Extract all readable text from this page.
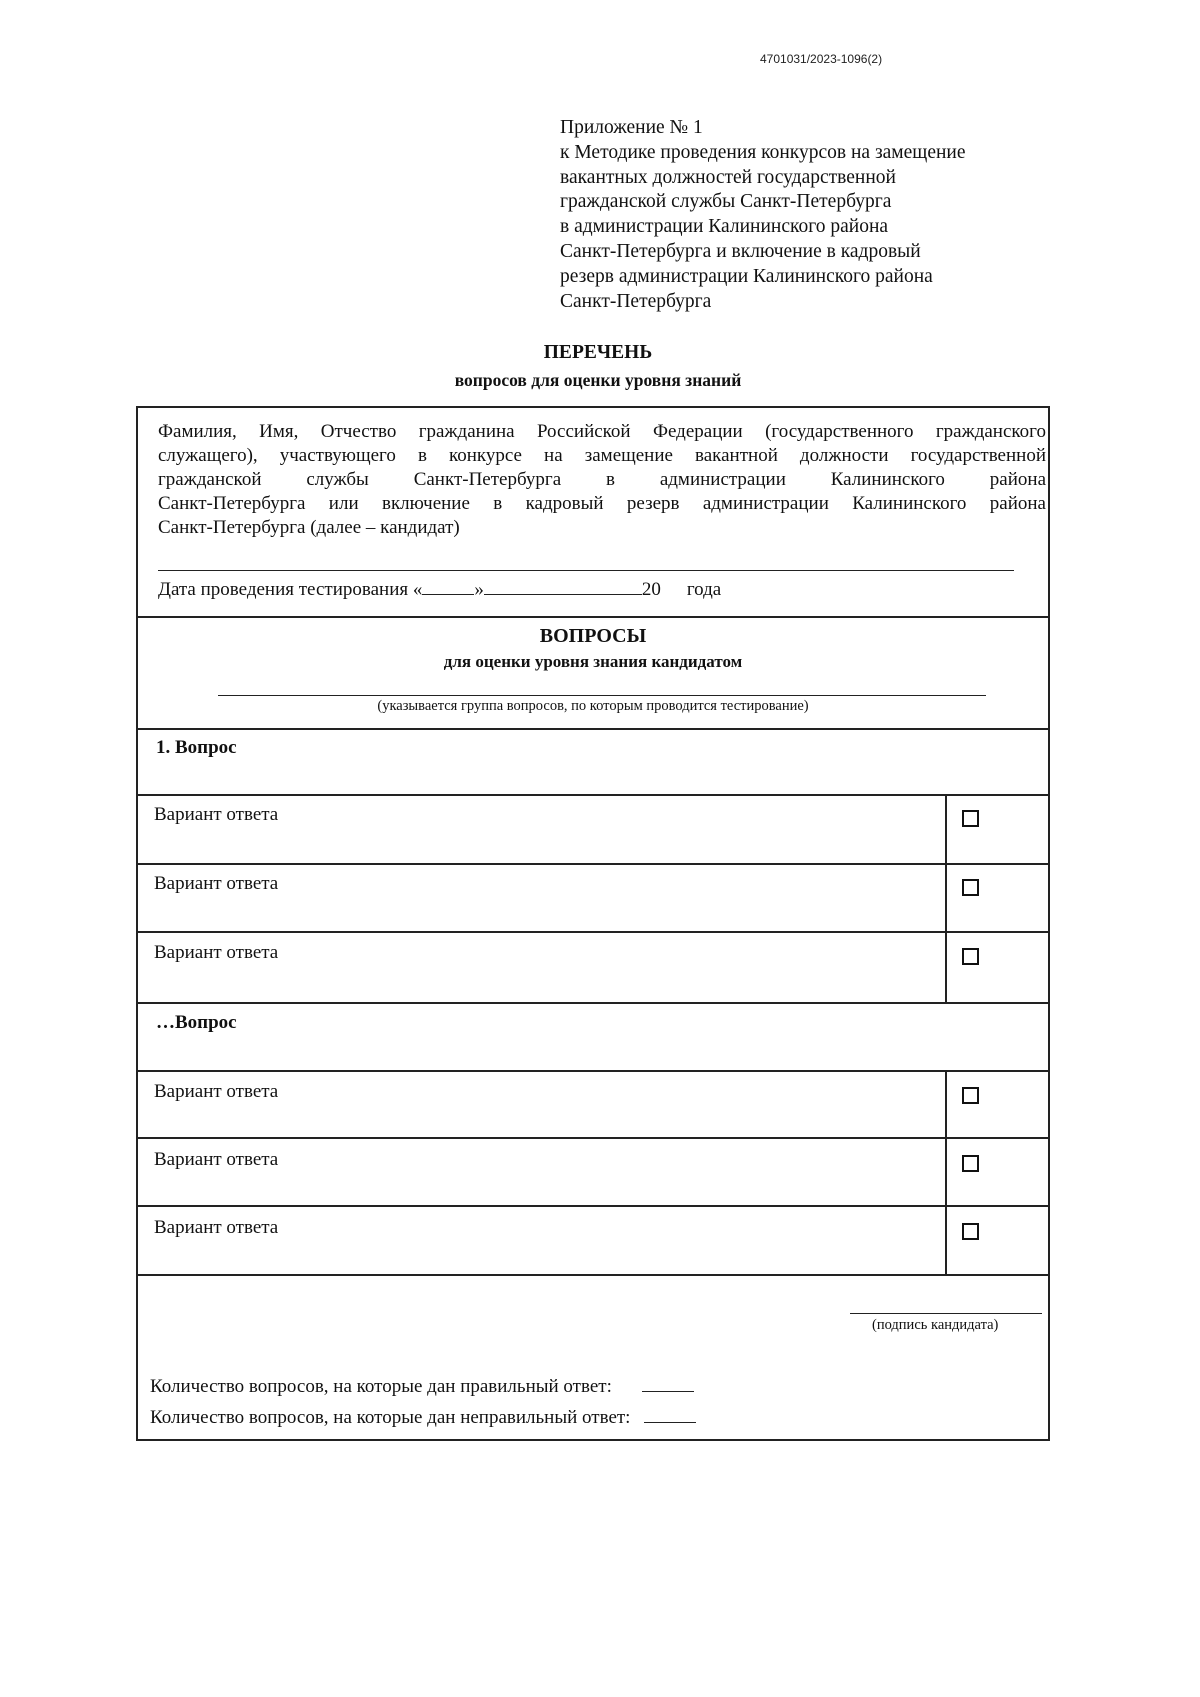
4701031/2023-1096(2)
Приложение № 1
к Методике проведения конкурсов на замещение
вакантных должностей государственной
гражданской службы Санкт-Петербурга
в администрации Калининского района
Санкт-Петербурга и включение в кадровый
резерв администрации Калининского района
Санкт-Петербурга
ПЕРЕЧЕНЬ
вопросов для оценки уровня знаний
Фамилия, Имя, Отчество гражданина Российской Федерации (государственного гражданского
служащего), участвующего в конкурсе на замещение вакантной должности государственной
гражданской службы Санкт-Петербурга в администрации Калининского района
Санкт-Петербурга или включение в кадровый резерв администрации Калининского района
Санкт-Петербурга (далее – кандидат)
Дата проведения тестирования «	»	20 года
ВОПРОСЫ
для оценки уровня знания кандидатом
(указывается группа вопросов, по которым проводится тестирование)
1. Вопрос
Вариант ответа
Вариант ответа
Вариант ответа
…Вопрос
Вариант ответа
Вариант ответа
Вариант ответа
(подпись кандидата)
Количество вопросов, на которые дан правильный ответ:
Количество вопросов, на которые дан неправильный ответ:
